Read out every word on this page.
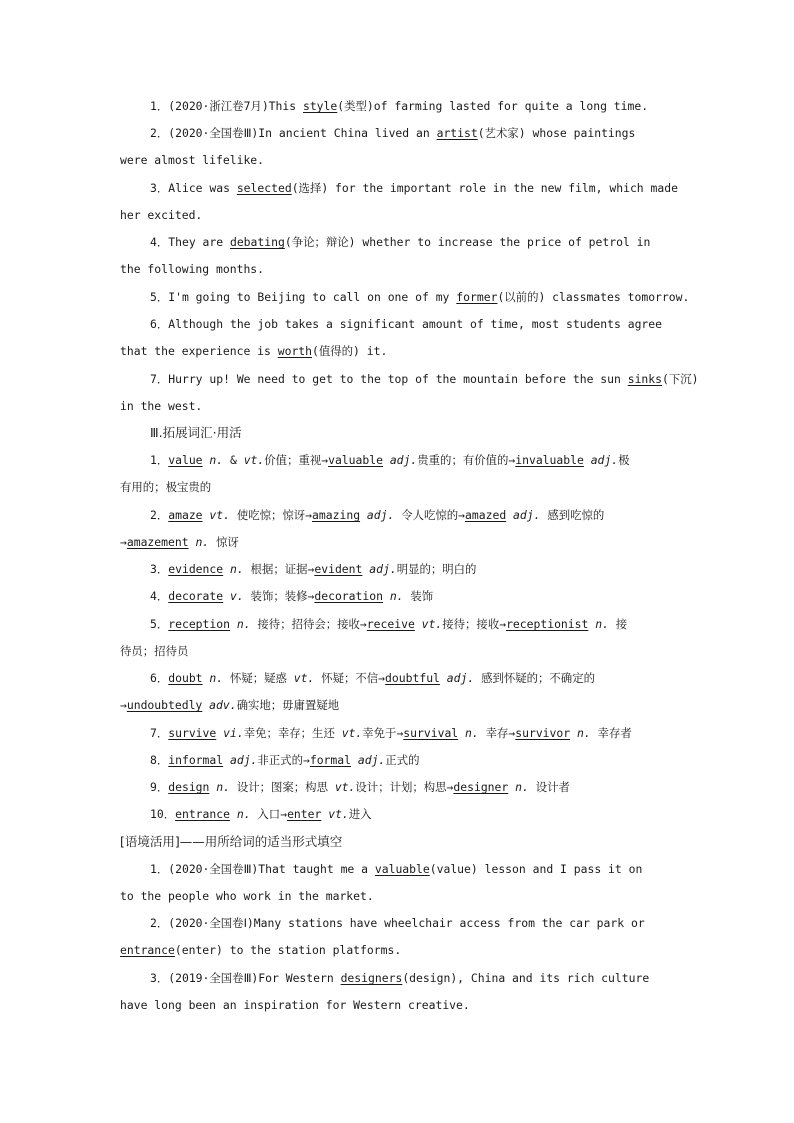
1．(2020·浙江卷7月)This style(类型)of farming lasted for quite a long time.
2．(2020·全国卷Ⅲ)In ancient China lived an artist(艺术家) whose paintings
were almost lifelike.
3．Alice was selected(选择) for the important role in the new film, which made
her excited.
4．They are debating(争论；辩论) whether to increase the price of petrol in
the following months.
5．I'm going to Beijing to call on one of my former(以前的) classmates tomorrow.
6．Although the job takes a significant amount of time, most students agree
that the experience is worth(值得的) it.
7．Hurry up! We need to get to the top of the mountain before the sun sinks(下沉)
in the west.
Ⅲ.拓展词汇·用活
1．value n. & vt.价值；重视→valuable adj.贵重的；有价值的→invaluable adj.极
有用的；极宝贵的
2．amaze vt. 使吃惊；惊讶→amazing adj. 令人吃惊的→amazed adj. 感到吃惊的
→amazement n. 惊讶
3．evidence n. 根据；证据→evident adj.明显的；明白的
4．decorate v. 装饰；装修→decoration n. 装饰
5．reception n. 接待；招待会；接收→receive vt.接待；接收→receptionist n. 接
待员；招待员
6．doubt n. 怀疑；疑惑 vt. 怀疑；不信→doubtful adj. 感到怀疑的；不确定的
→undoubtedly adv.确实地；毋庸置疑地
7．survive vi.幸免；幸存；生还 vt.幸免于→survival n. 幸存→survivor n. 幸存者
8．informal adj.非正式的→formal adj.正式的
9．design n. 设计；图案；构思 vt.设计；计划；构思→designer n. 设计者
10．entrance n. 入口→enter vt.进入
[语境活用]——用所给词的适当形式填空
1．(2020·全国卷Ⅲ)That taught me a valuable(value) lesson and I pass it on
to the people who work in the market.
2．(2020·全国卷Ⅰ)Many stations have wheelchair access from the car park or
entrance(enter) to the station platforms.
3．(2019·全国卷Ⅲ)For Western designers(design), China and its rich culture
have long been an inspiration for Western creative.
